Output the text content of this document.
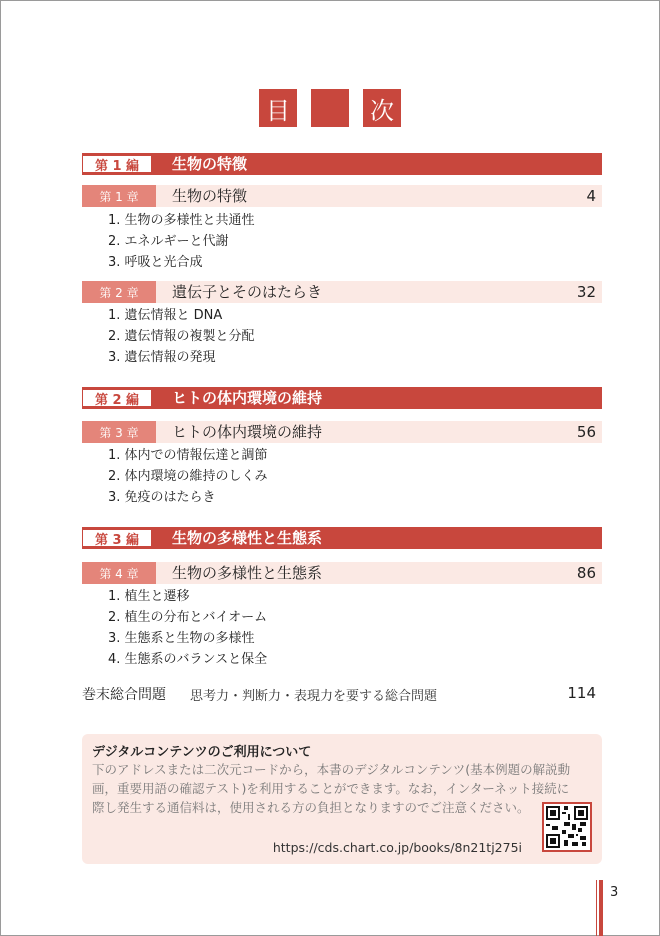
目	次
第 1 編	生物の特徴
第 1 章	生物の特徴	4
1. 生物の多様性と共通性
2. エネルギーと代謝
3. 呼吸と光合成
第 2 章	遺伝子とそのはたらき	32
1. 遺伝情報と DNA
2. 遺伝情報の複製と分配
3. 遺伝情報の発現
第 2 編	ヒトの体内環境の維持
第 3 章	ヒトの体内環境の維持	56
1. 体内での情報伝達と調節
2. 体内環境の維持のしくみ
3. 免疫のはたらき
第 3 編	生物の多様性と生態系
第 4 章	生物の多様性と生態系	86
1. 植生と遷移
2. 植生の分布とバイオーム
3. 生態系と生物の多様性
4. 生態系のバランスと保全
巻末総合問題 思考力・判断力・表現力を要する総合問題	114
デジタルコンテンツのご利用について
下のアドレスまたは二次元コードから，本書のデジタルコンテンツ(基本例題の解説動
画，重要用語の確認テスト)を利用することができます。なお，インターネット接続に
際し発生する通信料は，使用される方の負担となりますのでご注意ください。
https://cds.chart.co.jp/books/8n21tj275i
3
